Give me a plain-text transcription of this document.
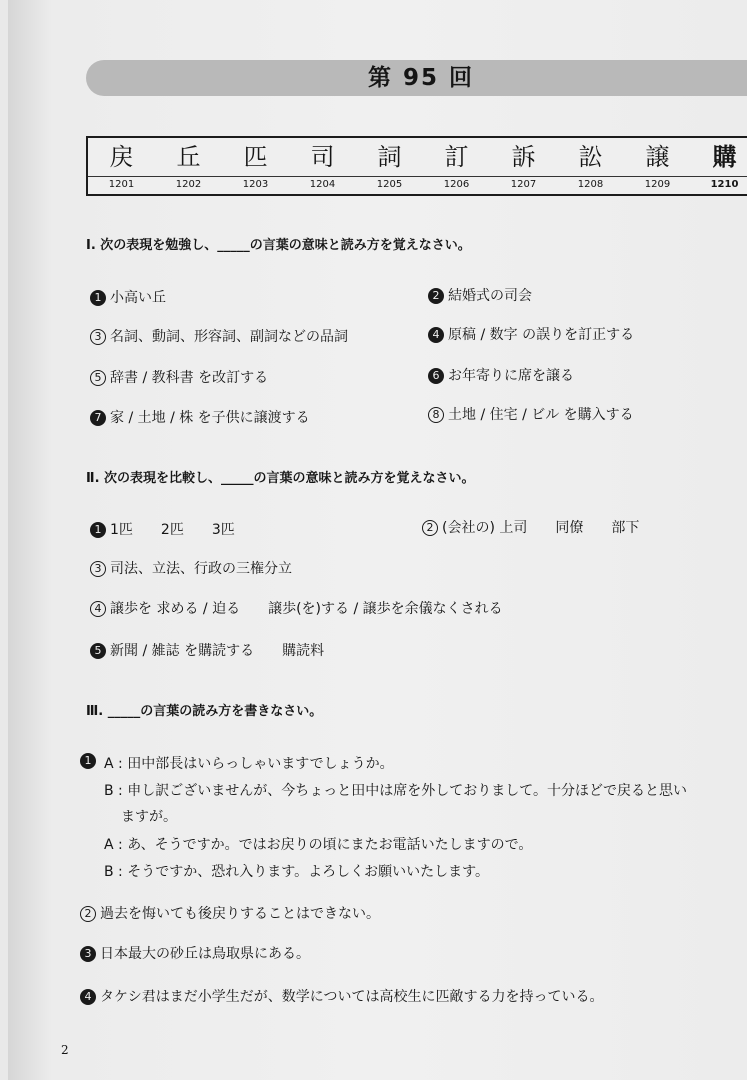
第 95 回
戻	丘	匹	司	詞	訂	訴	訟	譲	購
1201	1202	1203	1204	1205	1206	1207	1208	1209	1210
Ⅰ. 次の表現を勉強し、_____の言葉の意味と読み方を覚えなさい。
1 小高い丘	2 結婚式の司会
3 名詞、動詞、形容詞、副詞などの品詞	4 原稿 / 数字 の誤りを訂正する
5 辞書 / 教科書 を改訂する	6 お年寄りに席を譲る
7 家 / 土地 / 株 を子供に譲渡する	8 土地 / 住宅 / ビル を購入する
Ⅱ. 次の表現を比較し、_____の言葉の意味と読み方を覚えなさい。
1 1匹　　2匹　　3匹	2 (会社の) 上司　　同僚　　部下
3 司法、立法、行政の三権分立
4 譲歩を 求める / 迫る　　譲歩(を)する / 譲歩を余儀なくされる
5 新聞 / 雑誌 を購読する　　購読料
Ⅲ. _____の言葉の読み方を書きなさい。
1 A : 田中部長はいらっしゃいますでしょうか。
B : 申し訳ございませんが、今ちょっと田中は席を外しておりまして。十分ほどで戻ると思い
ますが。
A : あ、そうですか。ではお戻りの頃にまたお電話いたしますので。
B : そうですか、恐れ入ります。よろしくお願いいたします。
2 過去を悔いても後戻りすることはできない。
3 日本最大の砂丘は鳥取県にある。
4 タケシ君はまだ小学生だが、数学については高校生に匹敵する力を持っている。
2
